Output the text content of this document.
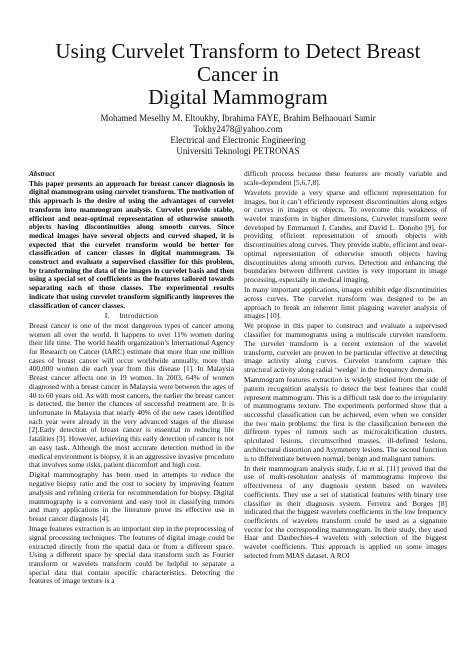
Using Curvelet Transform to Detect Breast Cancer in
Digital Mammogram
Mohamed Meselhy M. Eltoukhy, Ibrahima FAYE, Brahim Belhaouari Samir
Tokhy2478@yahoo.com
Electrical and Electronic Engineering
Universiti Teknologi PETRONAS
Abstract

This paper presents an approach for breast cancer diagnosis in digital mammogram using curvelet transform. The motivation of this approach is the desire of using the advantages of curvelet transform into mammogram analysis. Curvelet provide stable, efficient and near-optimal representation of otherwise smooth objects having discontinuities along smooth curves. Since medical images have several objects and curved shaped, it is expected that the curvelet transform would be better for classification of cancer classes in digital mammogram. To construct and evaluate a supervised classifier for this problem, by transforming the data of the images in curvelet basis and then using a special set of coefficients as the features tailored towards separating each of those classes. The experimental results indicate that using curvelet transform significantly improves the classification of cancer classes.

I.  Introduction

Breast cancer is one of the most dangerous types of cancer among women all over the world. It happens to over 11% women during their life time. The world health organization’s International Agency for Research on Cancer (IARC) estimate that more than one million cases of breast cancer will occur worldwide annually, more than 400,000 women die each year from this disease [1]. In Malaysia Breast cancer affects one in 19 women. In 2003, 64% of women diagnosed with a breast cancer in Malaysia were between the ages of 40 to 60 years old. As with most cancers, the earlier the breast cancer is detected, the better the chances of successful treatment are. It is unfortunate in Malaysia that nearly 40% of the new cases identified each year were already in the very advanced stages of the disease [2].Early detection of breast cancer is essential in reducing life fatalities [3]. However, achieving this early detection of cancer is not an easy task. Although the most accurate detection method in the medical environment is biopsy, it is an aggressive invasive procedure that involves some risks, patient discomfort and high cost.

Digital mammography has been used in attempts to reduce the negative biopsy ratio and the cost to society by improving feature analysis and refining criteria for recommendation for biopsy. Digital mammography is a convenient and easy tool in classifying tumors and many applications in the literature prove its effective use in breast cancer diagnosis [4].

Image features extraction is an important step in the preprocessing of signal processing techniques. The features of digital image could be extracted directly from the spatial data or from a different space. Using a different space by special data transform such as Fourier transform or wavelets transform could be helpful to separate a special data that contain specific characteristics. Detecting the features of image texture is a

difficult process because these features are mostly variable and scale-dependent [5,6,7,8].

Wavelets provide a very sparse and efficient representation for images, but it can’t efficiently represent discontinuities along edges or curves in images or objects. To overcome this weakness of wavelet transform in higher dimensions, Curvelet transform were developed by Emmanuel J. Candes, and David L. Donoho [9], for providing efficient representation of smooth objects with discontinuities along curves. They provide stable, efficient and near-optimal representation of otherwise smooth objects having discontinuities along smooth curves. Detection and enhancing the boundaries between different cavities is very important in image processing, especially in medical imaging.

In many important applications, images exhibit edge discontinuities across curves. The curvelet transform was designed to be an approach to break an inherent limit plaguing wavelet analysis of images [10].

We propose in this paper to construct and evaluate a supervised classifier for mammograms using a multiscale curvelet transform. The curvelet transform is a recent extension of the wavelet transform, curvelet are proven to be particular effective at detecting image activity along curves. Curvelet transform capture this structural activity along radial ‘wedge’ in the frequency domain.

Mammogram features extraction is widely studied from the side of pattern recognition analysis to detect the best features that could represent mammogram. This is a difficult task due to the irregularity of mammograms texture. The experiments performed show that a successful classification can be achieved, even when we consider the two main problems: the first is the classification between the different types of tumors such as microcalcification clusters, spiculated lesions, circumscribed masses, ill-defined lesions, architectural distortion and Asymmetry lesions. The second function is to differentiate between normal, benign and malignant tumors.

In their mammogram analysis study, Liu et al. [11] proved that the use of multi-resolution analysis of mammograms improve the effectiveness of any diagnosis system based on wavelets coefficients. They use a set of statistical features with binary tree classifier in their diagnosis system. Ferreira and Borges [8] indicated that the biggest wavelets coefficients in the low frequency coefficients of wavelets transform could be used as a signature vector for the corresponding mammogram. In their study, they used Haar and Daubechies-4 wavelets with selection of the biggest wavelet coefficients. This approach is applied on some images selected from MIAS dataset. A ROI
